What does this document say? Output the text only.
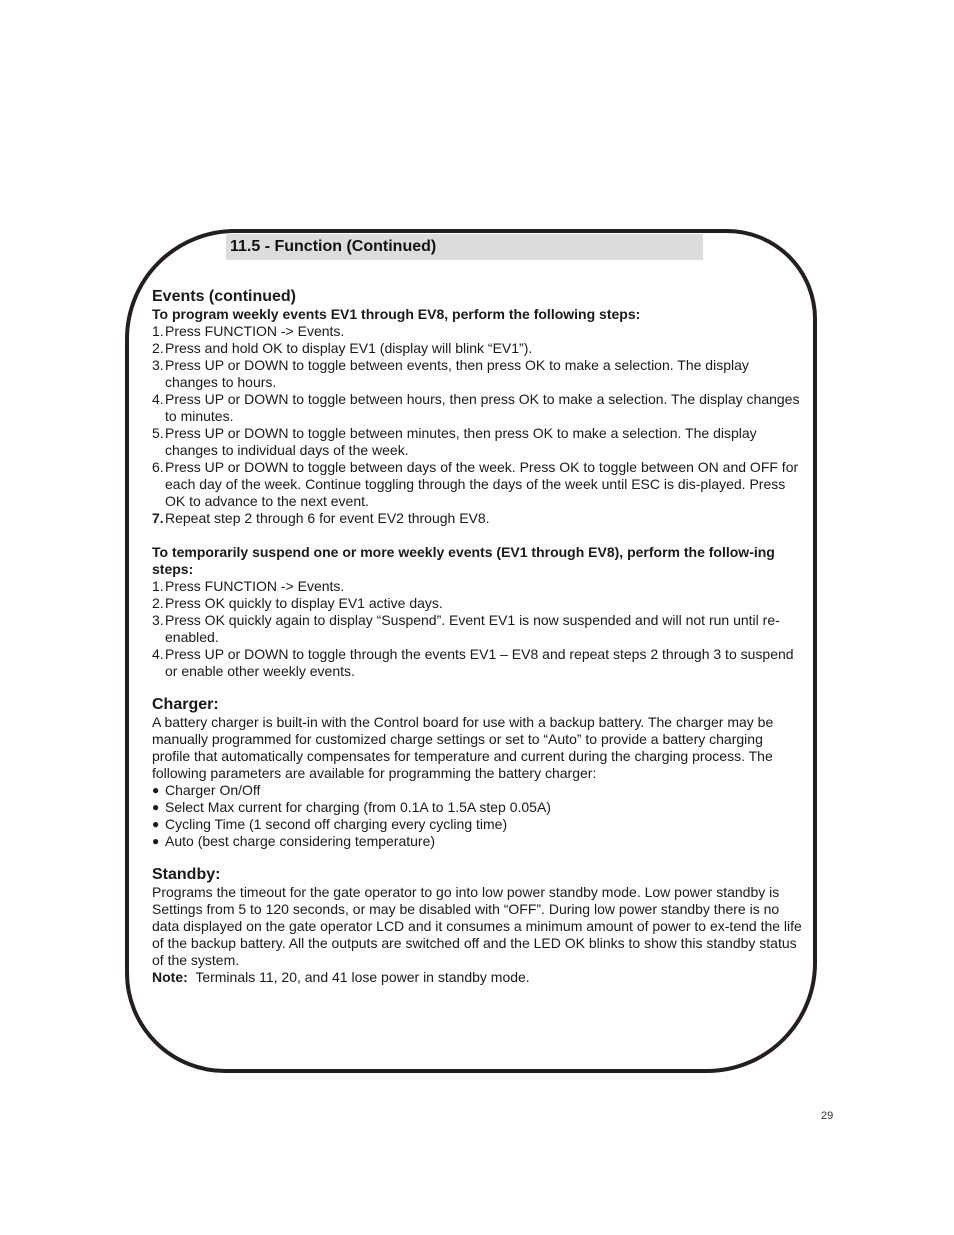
11.5 - Function (Continued)
Events (continued)
To program weekly events EV1 through EV8, perform the following steps:
1. Press FUNCTION -> Events.
2. Press and hold OK to display EV1 (display will blink “EV1”).
3. Press UP or DOWN to toggle between events, then press OK to make a selection. The display changes to hours.
4. Press UP or DOWN to toggle between hours, then press OK to make a selection. The display changes to minutes.
5. Press UP or DOWN to toggle between minutes, then press OK to make a selection. The display changes to individual days of the week.
6. Press UP or DOWN to toggle between days of the week. Press OK to toggle between ON and OFF for each day of the week. Continue toggling through the days of the week until ESC is dis-played. Press OK to advance to the next event.
7. Repeat step 2 through 6 for event EV2 through EV8.
To temporarily suspend one or more weekly events (EV1 through EV8), perform the follow-ing steps:
1. Press FUNCTION -> Events.
2. Press OK quickly to display EV1 active days.
3. Press OK quickly again to display “Suspend”. Event EV1 is now suspended and will not run until re-enabled.
4. Press UP or DOWN to toggle through the events EV1 – EV8 and repeat steps 2 through 3 to suspend or enable other weekly events.
Charger:
A battery charger is built-in with the Control board for use with a backup battery. The charger may be manually programmed for customized charge settings or set to “Auto” to provide a battery charging profile that automatically compensates for temperature and current during the charging process. The following parameters are available for programming the battery charger:
● Charger On/Off
● Select Max current for charging (from 0.1A to 1.5A step 0.05A)
● Cycling Time (1 second off charging every cycling time)
● Auto (best charge considering temperature)
Standby:
Programs the timeout for the gate operator to go into low power standby mode. Low power standby is Settings from 5 to 120 seconds, or may be disabled with “OFF”. During low power standby there is no data displayed on the gate operator LCD and it consumes a minimum amount of power to ex-tend the life of the backup battery. All the outputs are switched off and the LED OK blinks to show this standby status of the system.
Note: Terminals 11, 20, and 41 lose power in standby mode.
29
